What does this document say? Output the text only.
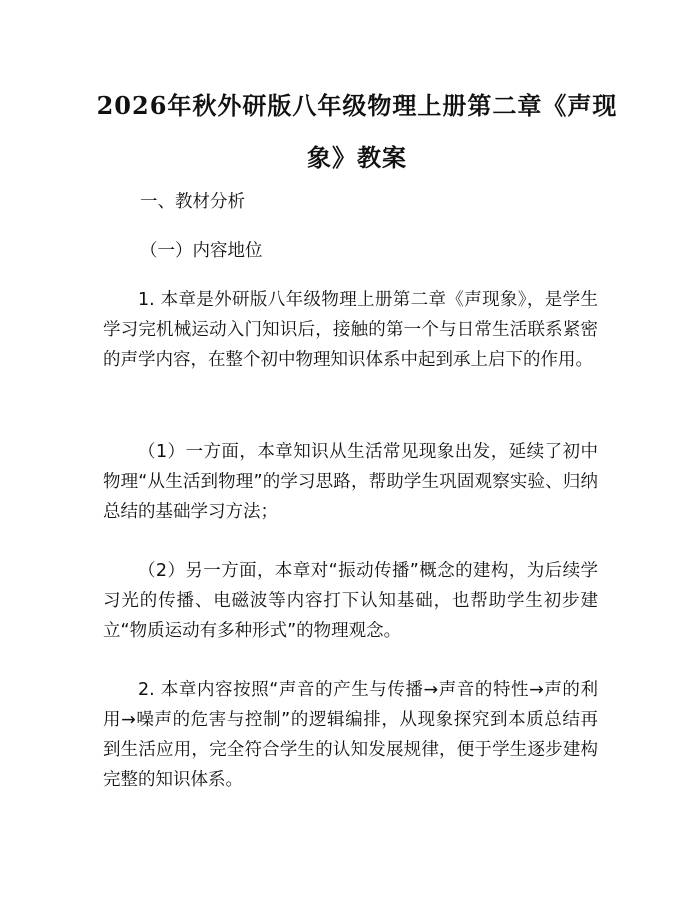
2026年秋外研版八年级物理上册第二章《声现象》教案

一、教材分析

（一）内容地位

1. 本章是外研版八年级物理上册第二章《声现象》，是学生学习完机械运动入门知识后，接触的第一个与日常生活联系紧密的声学内容，在整个初中物理知识体系中起到承上启下的作用。

（1）一方面，本章知识从生活常见现象出发，延续了初中物理“从生活到物理”的学习思路，帮助学生巩固观察实验、归纳总结的基础学习方法；

（2）另一方面，本章对“振动传播”概念的建构，为后续学习光的传播、电磁波等内容打下认知基础，也帮助学生初步建立“物质运动有多种形式”的物理观念。

2. 本章内容按照“声音的产生与传播→声音的特性→声的利用→噪声的危害与控制”的逻辑编排，从现象探究到本质总结再到生活应用，完全符合学生的认知发展规律，便于学生逐步建构完整的知识体系。
